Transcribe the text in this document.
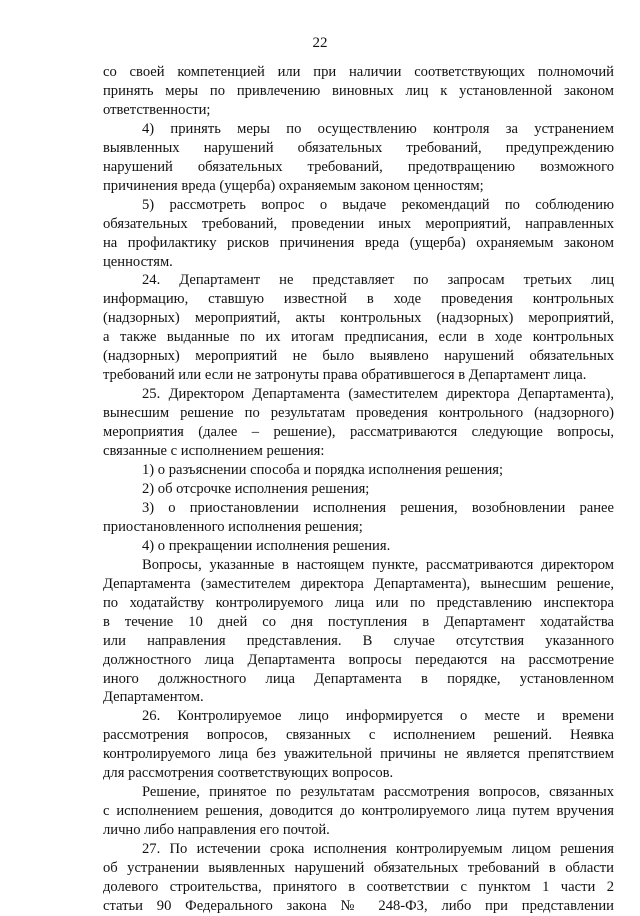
22

со своей компетенцией или при наличии соответствующих полномочий

принять меры по привлечению виновных лиц к установленной законом

ответственности;

4) принять меры по осуществлению контроля за устранением

выявленных нарушений обязательных требований, предупреждению

нарушений обязательных требований, предотвращению возможного

причинения вреда (ущерба) охраняемым законом ценностям;

5) рассмотреть вопрос о выдаче рекомендаций по соблюдению

обязательных требований, проведении иных мероприятий, направленных

на профилактику рисков причинения вреда (ущерба) охраняемым законом

ценностям.

24. Департамент не представляет по запросам третьих лиц

информацию, ставшую известной в ходе проведения контрольных

(надзорных) мероприятий, акты контрольных (надзорных) мероприятий,

а также выданные по их итогам предписания, если в ходе контрольных

(надзорных) мероприятий не было выявлено нарушений обязательных

требований или если не затронуты права обратившегося в Департамент лица.

25. Директором Департамента (заместителем директора Департамента),

вынесшим решение по результатам проведения контрольного (надзорного)

мероприятия (далее – решение), рассматриваются следующие вопросы,

связанные с исполнением решения:

1) о разъяснении способа и порядка исполнения решения;

2) об отсрочке исполнения решения;

3) о приостановлении исполнения решения, возобновлении ранее

приостановленного исполнения решения;

4) о прекращении исполнения решения.

Вопросы, указанные в настоящем пункте, рассматриваются директором

Департамента (заместителем директора Департамента), вынесшим решение,

по ходатайству контролируемого лица или по представлению инспектора

в течение 10 дней со дня поступления в Департамент ходатайства

или направления представления. В случае отсутствия указанного

должностного лица Департамента вопросы передаются на рассмотрение

иного должностного лица Департамента в порядке, установленном

Департаментом.

26. Контролируемое лицо информируется о месте и времени

рассмотрения вопросов, связанных с исполнением решений. Неявка

контролируемого лица без уважительной причины не является препятствием

для рассмотрения соответствующих вопросов.

Решение, принятое по результатам рассмотрения вопросов, связанных

с исполнением решения, доводится до контролируемого лица путем вручения

лично либо направления его почтой.

27. По истечении срока исполнения контролируемым лицом решения

об устранении выявленных нарушений обязательных требований в области

долевого строительства, принятого в соответствии с пунктом 1 части 2

статьи 90 Федерального закона № 248-ФЗ, либо при представлении
